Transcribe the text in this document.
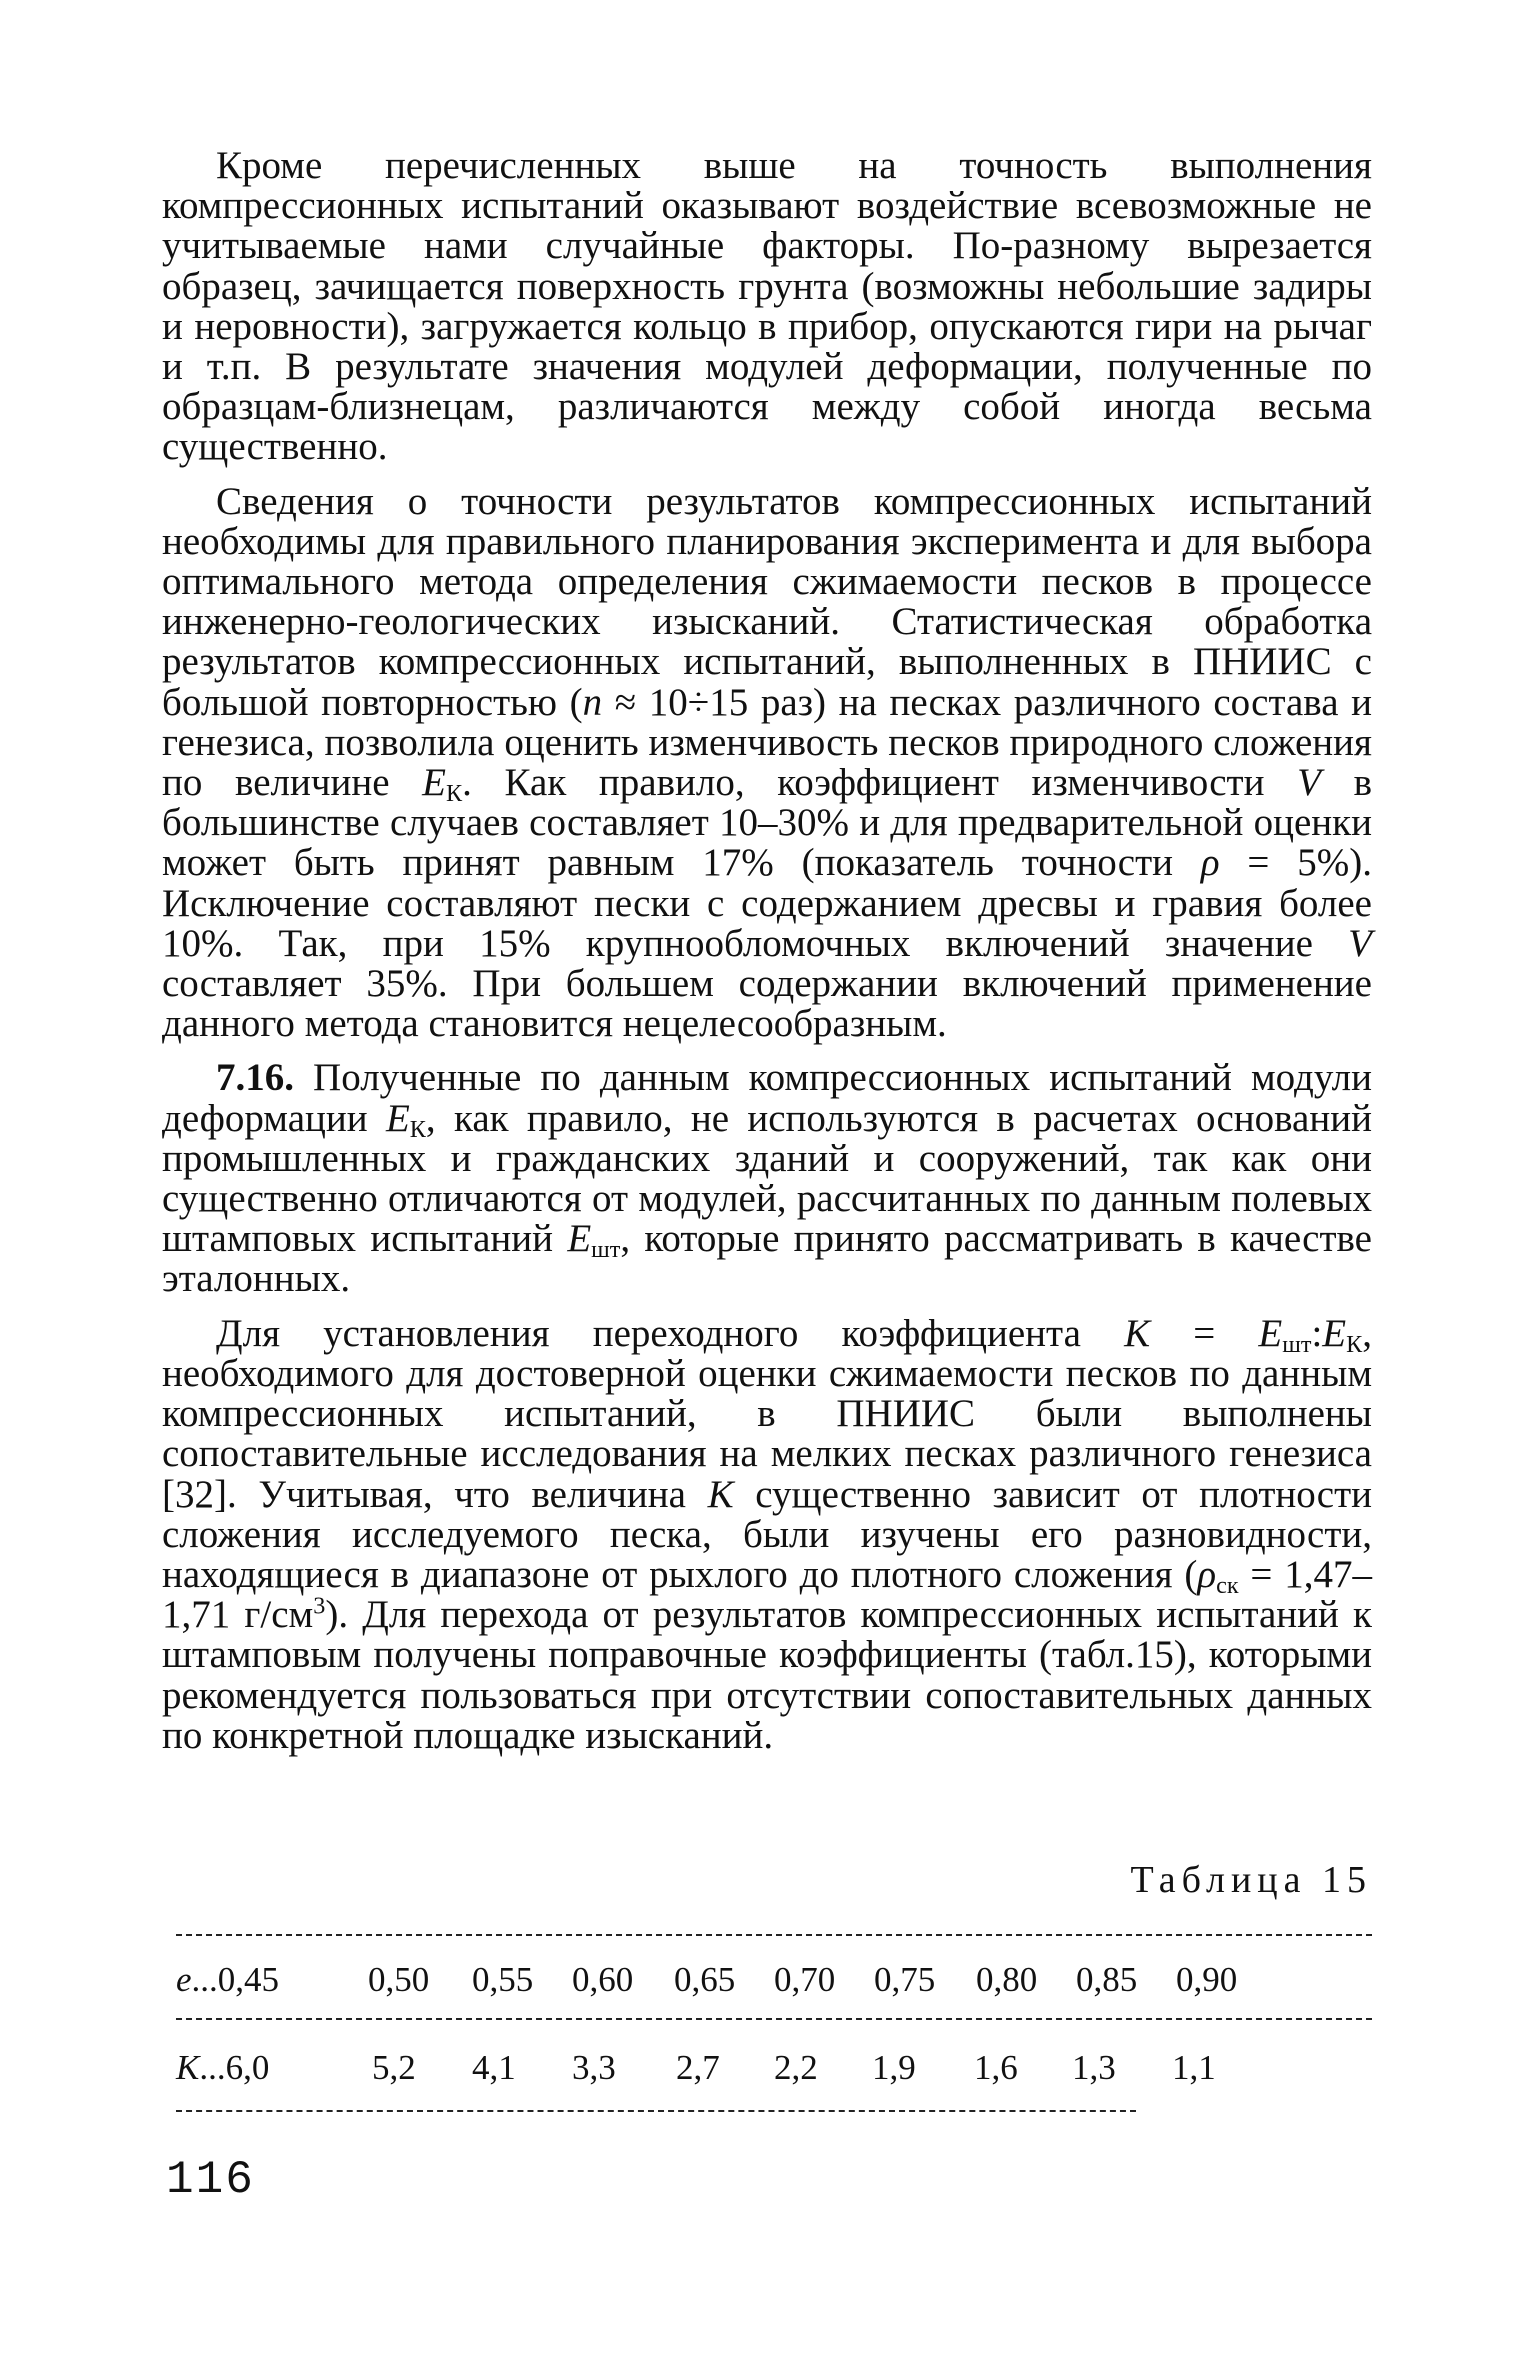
Кроме перечисленных выше на точность выполнения компрессионных испытаний оказывают воздействие всевозможные не учитываемые нами случайные факторы. По-разному вырезается образец, зачищается поверхность грунта (возможны небольшие задиры и неровности), загружается кольцо в прибор, опускаются гири на рычаг и т.п. В результате значения модулей деформации, полученные по образцам-близнецам, различаются между собой иногда весьма существенно.

Сведения о точности результатов компрессионных испытаний необходимы для правильного планирования эксперимента и для выбора оптимального метода определения сжимаемости песков в процессе инженерно-геологических изысканий. Статистическая обработка результатов компрессионных испытаний, выполненных в ПНИИС с большой повторностью (n ≈ 10÷15 раз) на песках различного состава и генезиса, позволила оценить изменчивость песков природного сложения по величине $E_К$. Как правило, коэффициент изменчивости V в большинстве случаев составляет 10–30% и для предварительной оценки может быть принят равным 17% (показатель точности ρ = 5%). Исключение составляют пески с содержанием дресвы и гравия более 10%. Так, при 15% крупнообломочных включений значение V составляет 35%. При большем содержании включений применение данного метода становится нецелесообразным.

7.16. Полученные по данным компрессионных испытаний модули деформации $E_К$, как правило, не используются в расчетах оснований промышленных и гражданских зданий и сооружений, так как они существенно отличаются от модулей, рассчитанных по данным полевых штамповых испытаний $E_{шт}$, которые принято рассматривать в качестве эталонных.

Для установления переходного коэффициента $K = E_{шт}:E_К$, необходимого для достоверной оценки сжимаемости песков по данным компрессионных испытаний, в ПНИИС были выполнены сопоставительные исследования на мелких песках различного генезиса [32]. Учитывая, что величина K существенно зависит от плотности сложения исследуемого песка, были изучены его разновидности, находящиеся в диапазоне от рыхлого до плотного сложения ($\rho_{ск} = 1,47-1,71$ $г/см^3$). Для перехода от результатов компрессионных испытаний к штамповым получены поправочные коэффициенты (табл.15), которыми рекомендуется пользоваться при отсутствии сопоставительных данных по конкретной площадке изысканий.

Таблица 15
e...0,45	0,50 0,55 0,60 0,65 0,70 0,75 0,80 0,85 0,90
K...6,0	5,2 4,1 3,3 2,7 2,2 1,9 1,6 1,3 1,1
116
